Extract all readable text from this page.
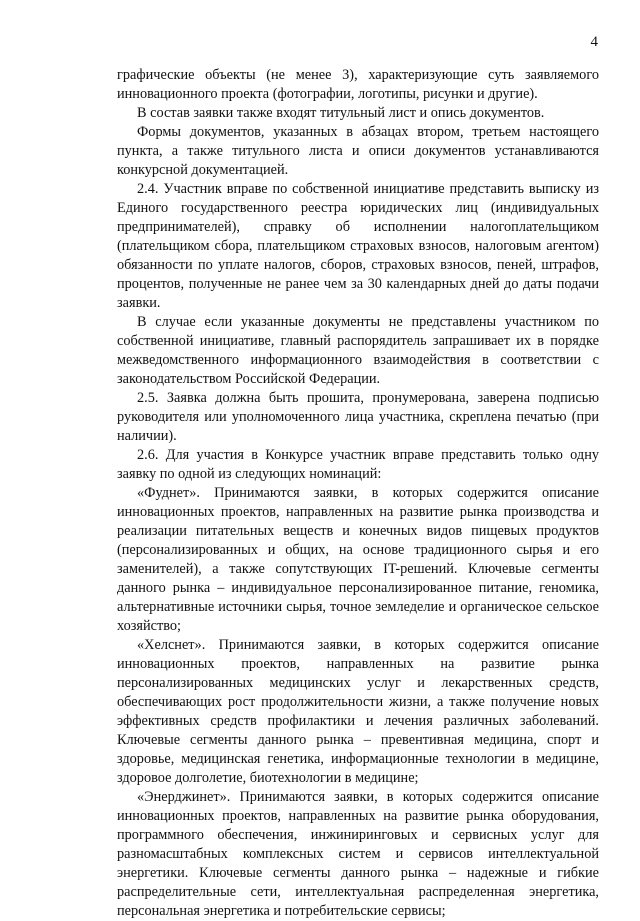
4

графические объекты (не менее 3), характеризующие суть заявляемого инновационного проекта (фотографии, логотипы, рисунки и другие).

В состав заявки также входят титульный лист и опись документов.

Формы документов, указанных в абзацах втором, третьем настоящего пункта, а также титульного листа и описи документов устанавливаются конкурсной документацией.

2.4. Участник вправе по собственной инициативе представить выписку из Единого государственного реестра юридических лиц (индивидуальных предпринимателей), справку об исполнении налогоплательщиком (плательщиком сбора, плательщиком страховых взносов, налоговым агентом) обязанности по уплате налогов, сборов, страховых взносов, пеней, штрафов, процентов, полученные не ранее чем за 30 календарных дней до даты подачи заявки.

В случае если указанные документы не представлены участником по собственной инициативе, главный распорядитель запрашивает их в порядке межведомственного информационного взаимодействия в соответствии с законодательством Российской Федерации.

2.5. Заявка должна быть прошита, пронумерована, заверена подписью руководителя или уполномоченного лица участника, скреплена печатью (при наличии).

2.6. Для участия в Конкурсе участник вправе представить только одну заявку по одной из следующих номинаций:

«Фуднет». Принимаются заявки, в которых содержится описание инновационных проектов, направленных на развитие рынка производства и реализации питательных веществ и конечных видов пищевых продуктов (персонализированных и общих, на основе традиционного сырья и его заменителей), а также сопутствующих IT-решений. Ключевые сегменты данного рынка – индивидуальное персонализированное питание, геномика, альтернативные источники сырья, точное земледелие и органическое сельское хозяйство;

«Хелснет». Принимаются заявки, в которых содержится описание инновационных проектов, направленных на развитие рынка персонализированных медицинских услуг и лекарственных средств, обеспечивающих рост продолжительности жизни, а также получение новых эффективных средств профилактики и лечения различных заболеваний. Ключевые сегменты данного рынка – превентивная медицина, спорт и здоровье, медицинская генетика, информационные технологии в медицине, здоровое долголетие, биотехнологии в медицине;

«Энерджинет». Принимаются заявки, в которых содержится описание инновационных проектов, направленных на развитие рынка оборудования, программного обеспечения, инжиниринговых и сервисных услуг для разномасштабных комплексных систем и сервисов интеллектуальной энергетики. Ключевые сегменты данного рынка – надежные и гибкие распределительные сети, интеллектуальная распределенная энергетика, персональная энергетика и потребительские сервисы;
